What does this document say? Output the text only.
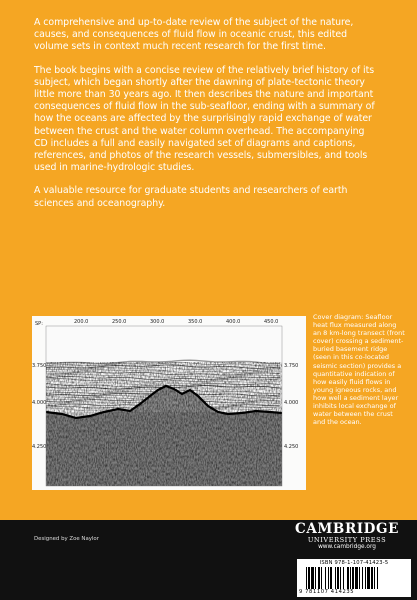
A comprehensive and up-to-date review of the subject of the nature, causes, and consequences of fluid flow in oceanic crust, this edited volume sets in context much recent research for the first time.

The book begins with a concise review of the relatively brief history of its subject, which began shortly after the dawning of plate-tectonic theory little more than 30 years ago. It then describes the nature and important consequences of fluid flow in the sub-seafloor, ending with a summary of how the oceans are affected by the surprisingly rapid exchange of water between the crust and the water column overhead. The accompanying CD includes a full and easily navigated set of diagrams and captions, references, and photos of the research vessels, submersibles, and tools used in marine-hydrologic studies.

A valuable resource for graduate students and researchers of earth sciences and oceanography.

SP:	200.0	250.0	300.0	350.0	400.0	450.0
3.750
4.000
4.250
3.750
4.000
4.250
Cover diagram: Seafloor heat flux measured along an 8 km-long transect (front cover) crossing a sediment-buried basement ridge (seen in this co-located seismic section) provides a quantitative indication of how easily fluid flows in young igneous rocks, and how well a sediment layer inhibits local exchange of water between the crust and the ocean.
Designed by Zoe Naylor
CAMBRIDGE
UNIVERSITY PRESS
www.cambridge.org
ISBN 978-1-107-41423-5
9 781107 414235
